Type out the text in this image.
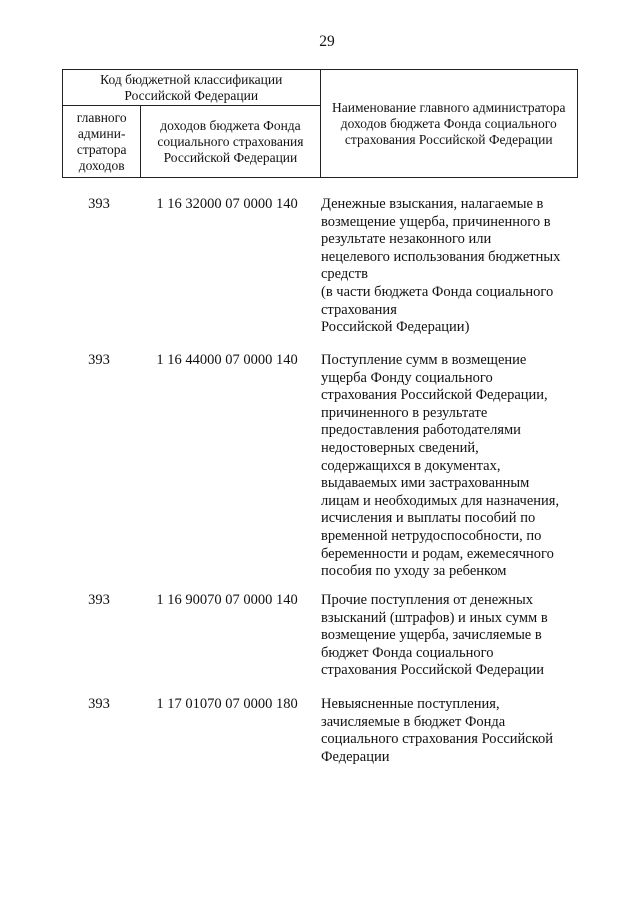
29
Код бюджетной классификации Российской Федерации		Наименование главного администратора доходов бюджета Фонда социального страхования Российской Федерации
главного админи-стратора доходов	доходов бюджета Фонда социального страхования Российской Федерации	
393	1 16 32000 07 0000 140	Денежные взыскания, налагаемые в
возмещение ущерба, причиненного в
результате незаконного или
нецелевого использования бюджетных
средств
(в части бюджета Фонда социального
страхования
Российской Федерации)
393	1 16 44000 07 0000 140	Поступление сумм в возмещение
ущерба Фонду социального
страхования Российской Федерации,
причиненного в результате
предоставления работодателями
недостоверных сведений,
содержащихся в документах,
выдаваемых ими застрахованным
лицам и необходимых для назначения,
исчисления и выплаты пособий по
временной нетрудоспособности, по
беременности и родам, ежемесячного
пособия по уходу за ребенком
393	1 16 90070 07 0000 140	Прочие поступления от денежных
взысканий (штрафов) и иных сумм в
возмещение ущерба, зачисляемые в
бюджет Фонда социального
страхования Российской Федерации
393	1 17 01070 07 0000 180	Невыясненные поступления,
зачисляемые в бюджет Фонда
социального страхования Российской
Федерации
